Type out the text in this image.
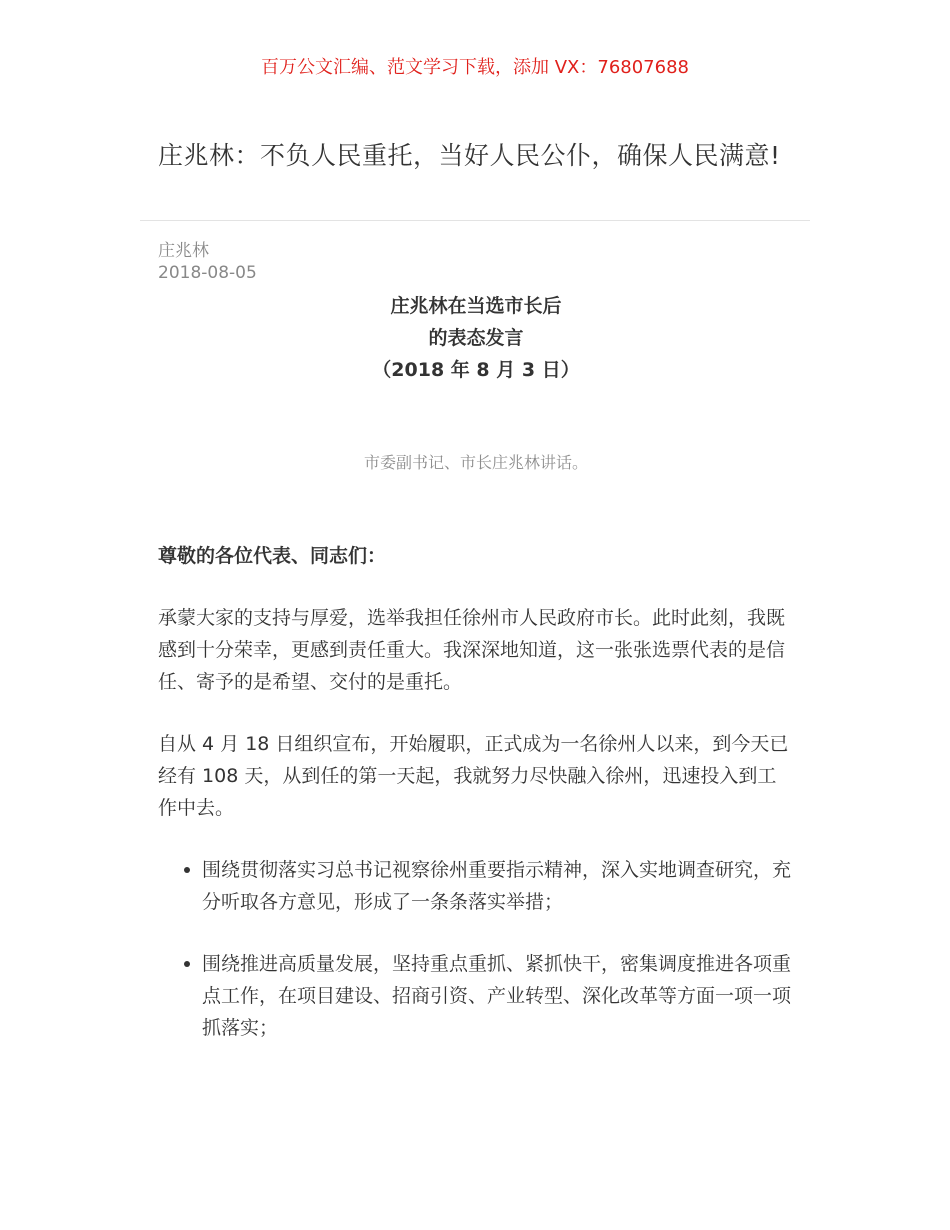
百万公文汇编、范文学习下载，添加 VX：76807688
庄兆林：不负人民重托，当好人民公仆，确保人民满意!
庄兆林
2018-08-05
庄兆林在当选市长后
的表态发言
（2018 年 8 月 3 日）
市委副书记、市长庄兆林讲话。

尊敬的各位代表、同志们：

承蒙大家的支持与厚爱，选举我担任徐州市人民政府市长。此时此刻，我既感到十分荣幸，更感到责任重大。我深深地知道，这一张张选票代表的是信任、寄予的是希望、交付的是重托。

自从 4 月 18 日组织宣布，开始履职，正式成为一名徐州人以来，到今天已经有 108 天，从到任的第一天起，我就努力尽快融入徐州，迅速投入到工作中去。

围绕贯彻落实习总书记视察徐州重要指示精神，深入实地调查研究，充分听取各方意见，形成了一条条落实举措；
围绕推进高质量发展，坚持重点重抓、紧抓快干，密集调度推进各项重点工作，在项目建设、招商引资、产业转型、深化改革等方面一项一项抓落实；
